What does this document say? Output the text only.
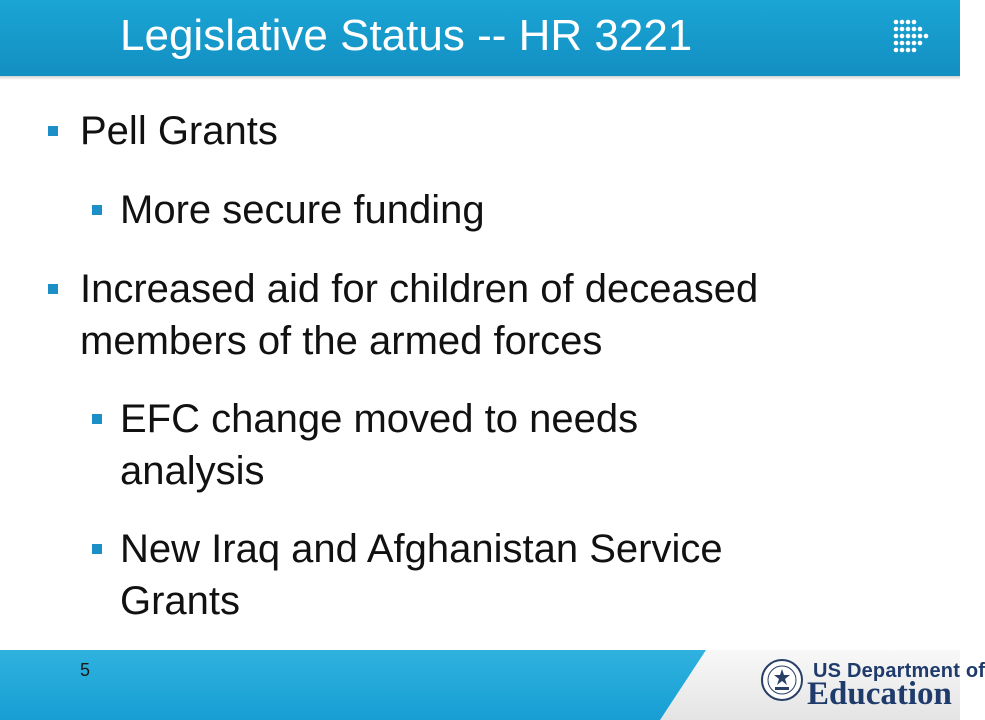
Legislative Status -- HR 3221
Pell Grants
More secure funding
Increased aid for children of deceased
members of the armed forces
EFC change moved to needs
analysis
New Iraq and Afghanistan Service
Grants
5	US Department of
Education
